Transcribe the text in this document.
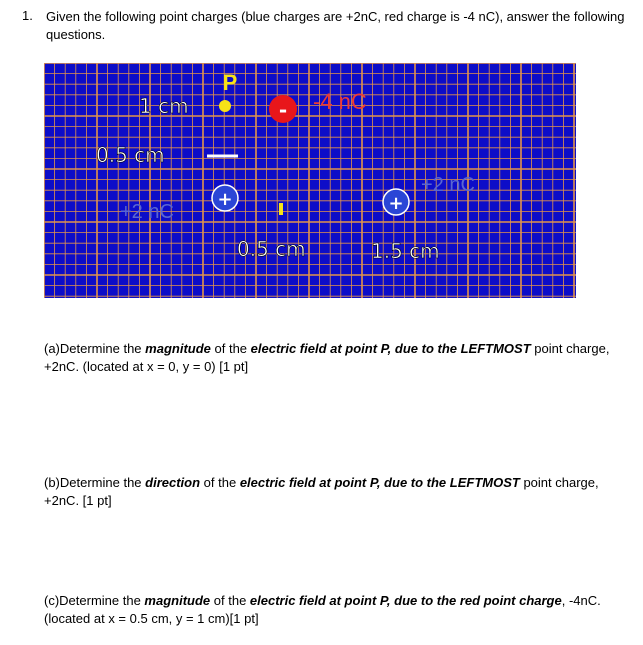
1. Given the following point charges (blue charges are +2nC, red charge is -4 nC), answer the following questions.
P
1 cm
0.5 cm
- -4 nC
+2 nC
+	+
+2 nC
0.5 cm	1.5 cm
(a)Determine the magnitude of the electric field at point P, due to the LEFTMOST point charge, +2nC. (located at x = 0, y = 0) [1 pt]
(b)Determine the direction of the electric field at point P, due to the LEFTMOST point charge, +2nC. [1 pt]
(c)Determine the magnitude of the electric field at point P, due to the red point charge, -4nC. (located at x = 0.5 cm, y = 1 cm)[1 pt]
